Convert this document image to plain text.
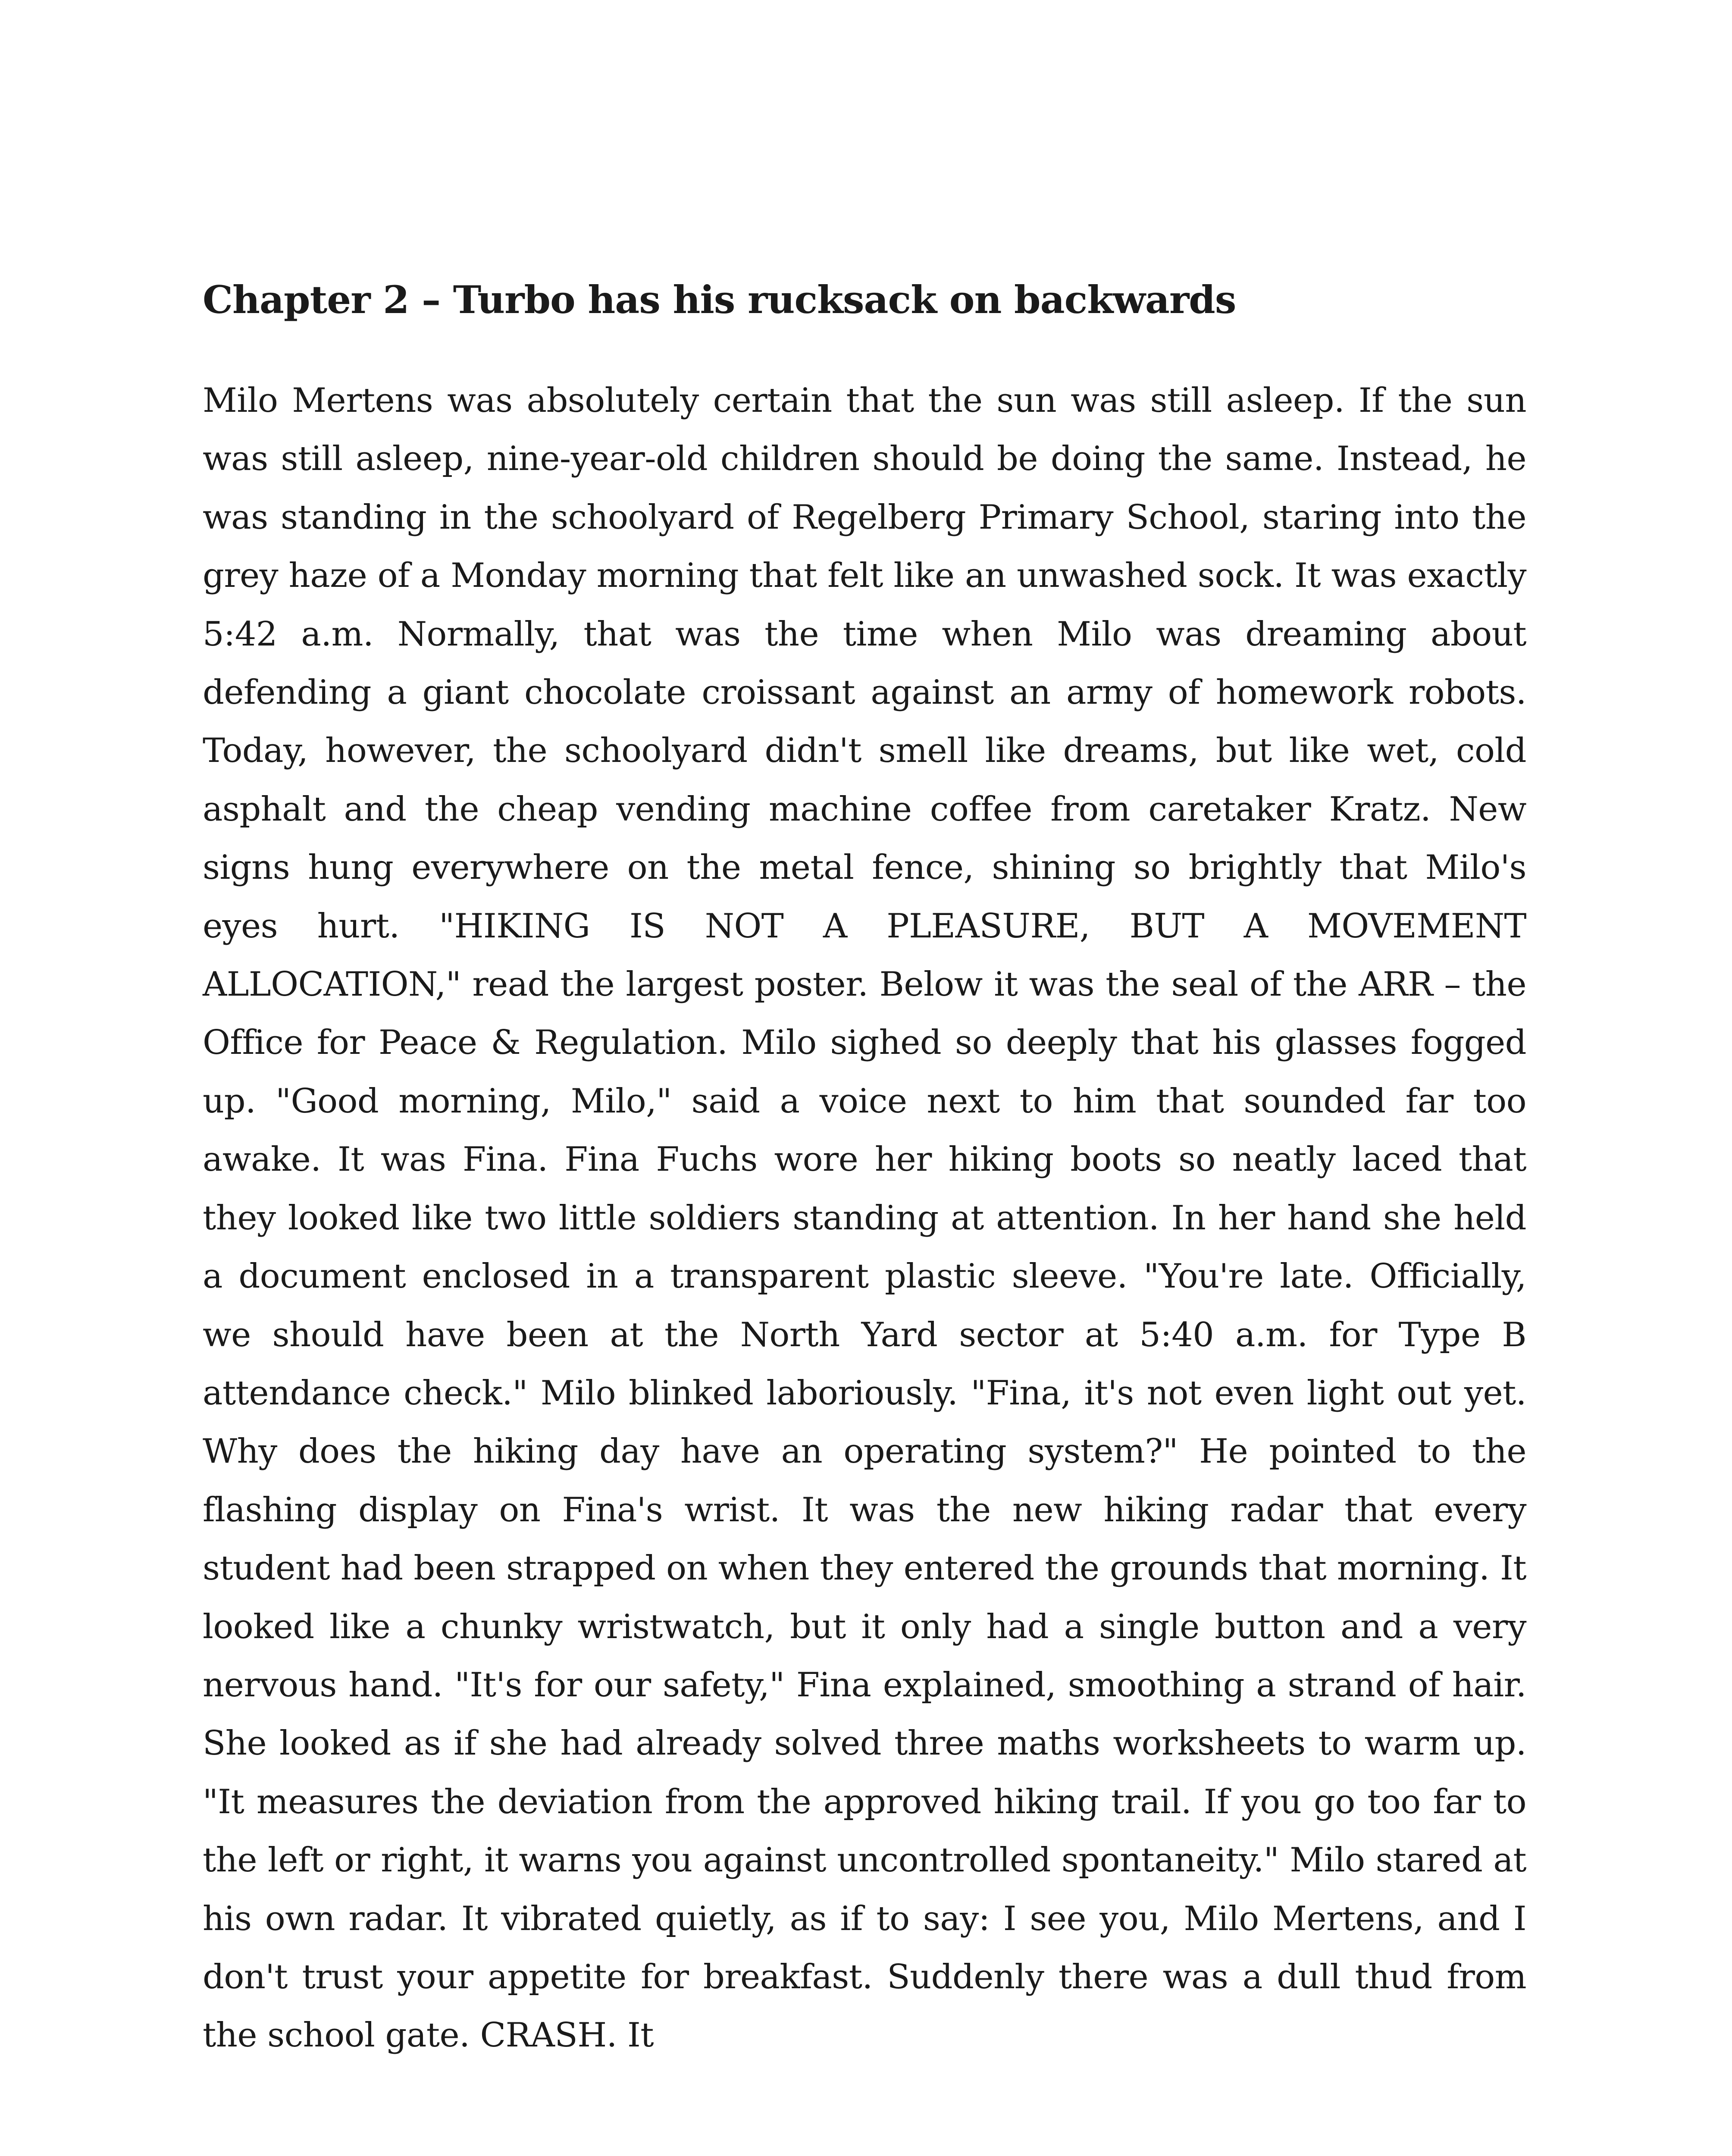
Chapter 2 – Turbo has his rucksack on backwards

Milo Mertens was absolutely certain that the sun was still asleep. If the sun was still asleep, nine-year-old children should be doing the same. Instead, he was standing in the schoolyard of Regelberg Primary School, staring into the grey haze of a Monday morning that felt like an unwashed sock. It was exactly 5:42 a.m. Normally, that was the time when Milo was dreaming about defending a giant chocolate croissant against an army of homework robots. Today, however, the schoolyard didn't smell like dreams, but like wet, cold asphalt and the cheap vending machine coffee from caretaker Kratz. New signs hung everywhere on the metal fence, shining so brightly that Milo's eyes hurt. "HIKING IS NOT A PLEASURE, BUT A MOVEMENT ALLOCATION," read the largest poster. Below it was the seal of the ARR – the Office for Peace & Regulation. Milo sighed so deeply that his glasses fogged up. "Good morning, Milo," said a voice next to him that sounded far too awake. It was Fina. Fina Fuchs wore her hiking boots so neatly laced that they looked like two little soldiers standing at attention. In her hand she held a document enclosed in a transparent plastic sleeve. "You're late. Officially, we should have been at the North Yard sector at 5:40 a.m. for Type B attendance check." Milo blinked laboriously. "Fina, it's not even light out yet. Why does the hiking day have an operating system?" He pointed to the flashing display on Fina's wrist. It was the new hiking radar that every student had been strapped on when they entered the grounds that morning. It looked like a chunky wristwatch, but it only had a single button and a very nervous hand. "It's for our safety," Fina explained, smoothing a strand of hair. She looked as if she had already solved three maths worksheets to warm up. "It measures the deviation from the approved hiking trail. If you go too far to the left or right, it warns you against uncontrolled spontaneity." Milo stared at his own radar. It vibrated quietly, as if to say: I see you, Milo Mertens, and I don't trust your appetite for breakfast. Suddenly there was a dull thud from the school gate. CRASH. It
